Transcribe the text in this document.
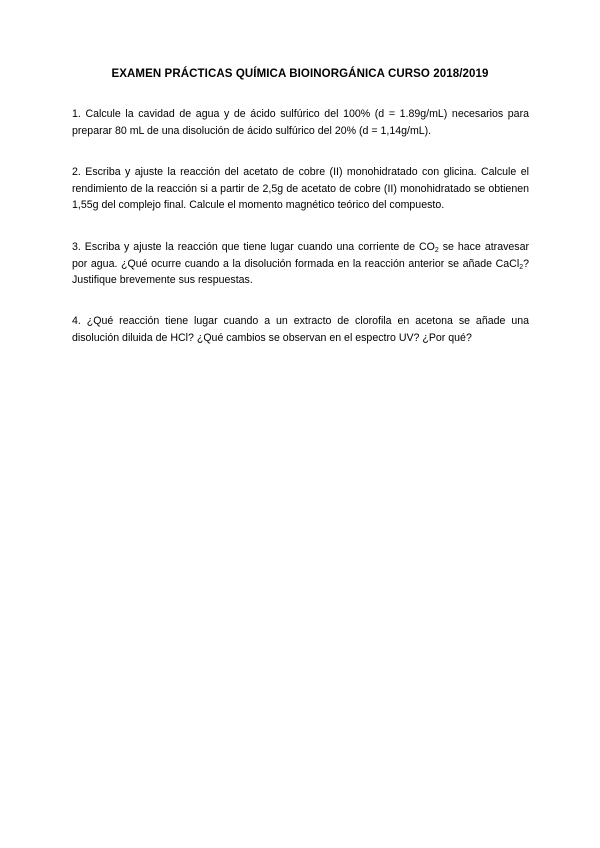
EXAMEN PRÁCTICAS QUÍMICA BIOINORGÁNICA CURSO 2018/2019
1. Calcule la cavidad de agua y de ácido sulfúrico del 100% (d = 1.89g/mL) necesarios para preparar 80 mL de una disolución de ácido sulfúrico del 20% (d = 1,14g/mL).
2. Escriba y ajuste la reacción del acetato de cobre (II) monohidratado con glicina. Calcule el rendimiento de la reacción si a partir de 2,5g de acetato de cobre (II) monohidratado se obtienen 1,55g del complejo final. Calcule el momento magnético teórico del compuesto.
3. Escriba y ajuste la reacción que tiene lugar cuando una corriente de $CO_2$ se hace atravesar por agua. ¿Qué ocurre cuando a la disolución formada en la reacción anterior se añade CaCl$_2$? Justifique brevemente sus respuestas.
4. ¿Qué reacción tiene lugar cuando a un extracto de clorofila en acetona se añade una disolución diluida de HCl? ¿Qué cambios se observan en el espectro UV? ¿Por qué?
